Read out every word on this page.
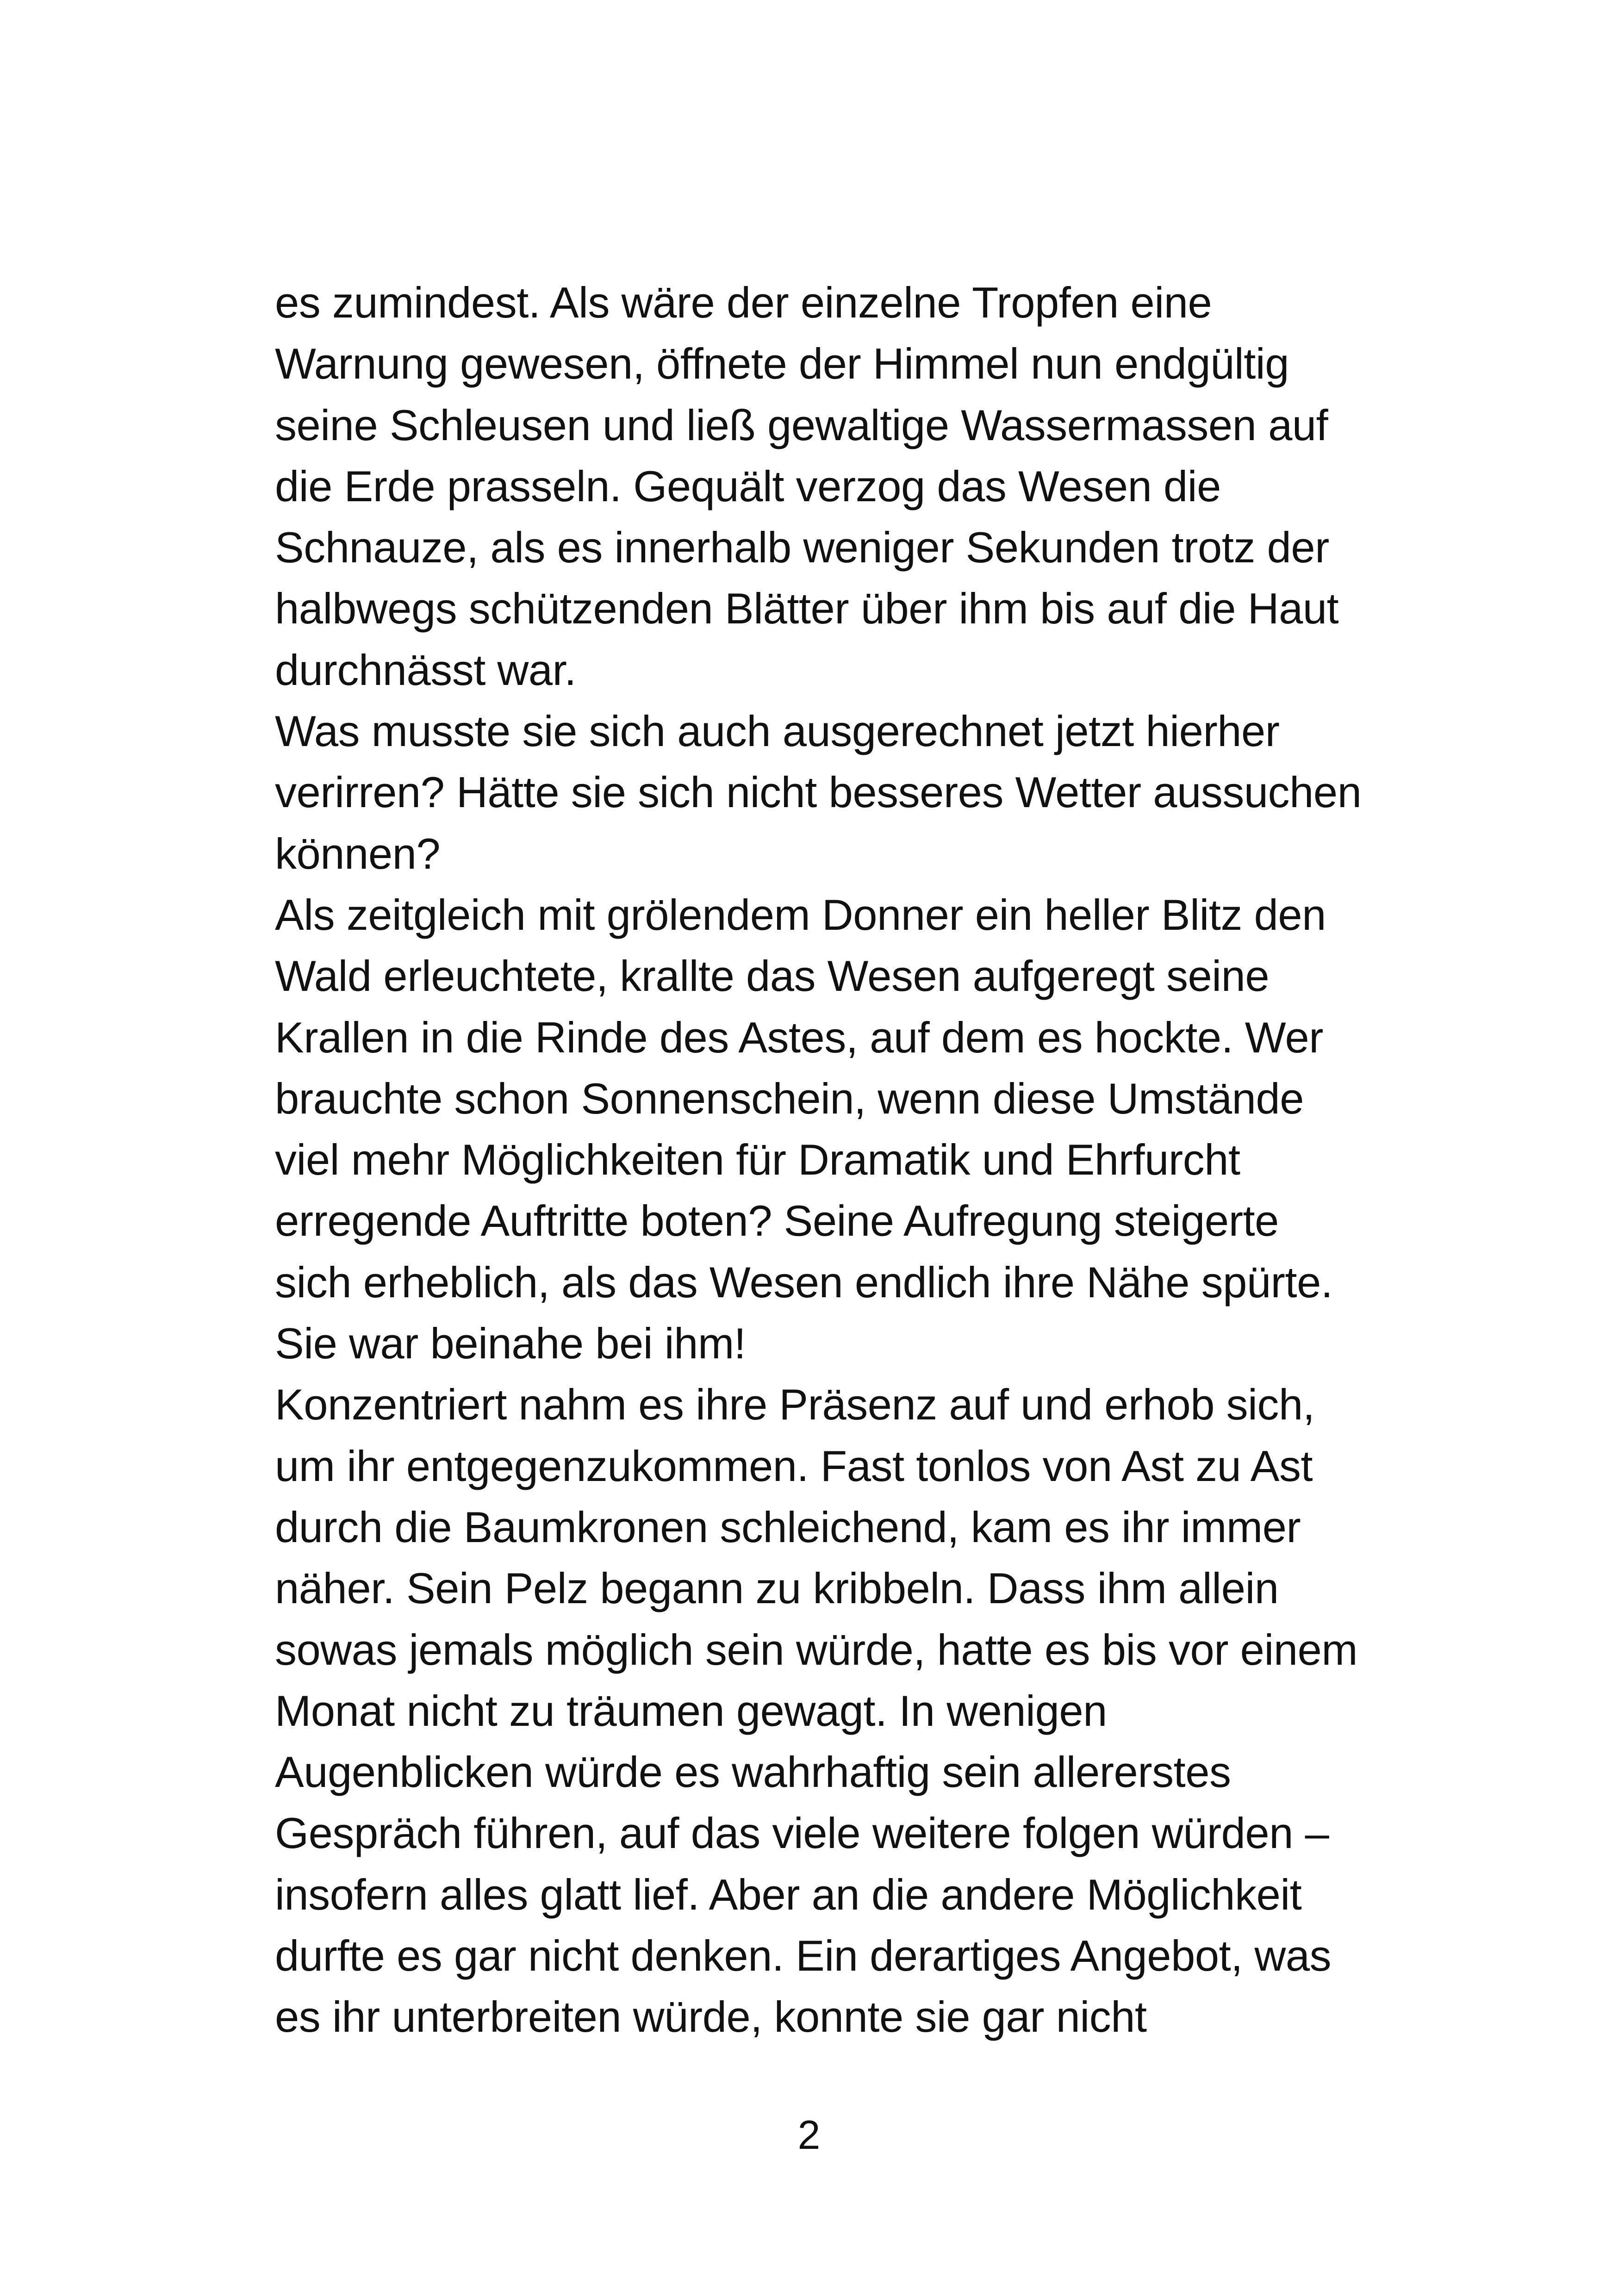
es zumindest. Als wäre der einzelne Tropfen eine
Warnung gewesen, öffnete der Himmel nun endgültig
seine Schleusen und ließ gewaltige Wassermassen auf
die Erde prasseln. Gequält verzog das Wesen die
Schnauze, als es innerhalb weniger Sekunden trotz der
halbwegs schützenden Blätter über ihm bis auf die Haut
durchnässt war.
Was musste sie sich auch ausgerechnet jetzt hierher
verirren? Hätte sie sich nicht besseres Wetter aussuchen
können?
Als zeitgleich mit grölendem Donner ein heller Blitz den
Wald erleuchtete, krallte das Wesen aufgeregt seine
Krallen in die Rinde des Astes, auf dem es hockte. Wer
brauchte schon Sonnenschein, wenn diese Umstände
viel mehr Möglichkeiten für Dramatik und Ehrfurcht
erregende Auftritte boten? Seine Aufregung steigerte
sich erheblich, als das Wesen endlich ihre Nähe spürte.
Sie war beinahe bei ihm!
Konzentriert nahm es ihre Präsenz auf und erhob sich,
um ihr entgegenzukommen. Fast tonlos von Ast zu Ast
durch die Baumkronen schleichend, kam es ihr immer
näher. Sein Pelz begann zu kribbeln. Dass ihm allein
sowas jemals möglich sein würde, hatte es bis vor einem
Monat nicht zu träumen gewagt. In wenigen
Augenblicken würde es wahrhaftig sein allererstes
Gespräch führen, auf das viele weitere folgen würden –
insofern alles glatt lief. Aber an die andere Möglichkeit
durfte es gar nicht denken. Ein derartiges Angebot, was
es ihr unterbreiten würde, konnte sie gar nicht
2
